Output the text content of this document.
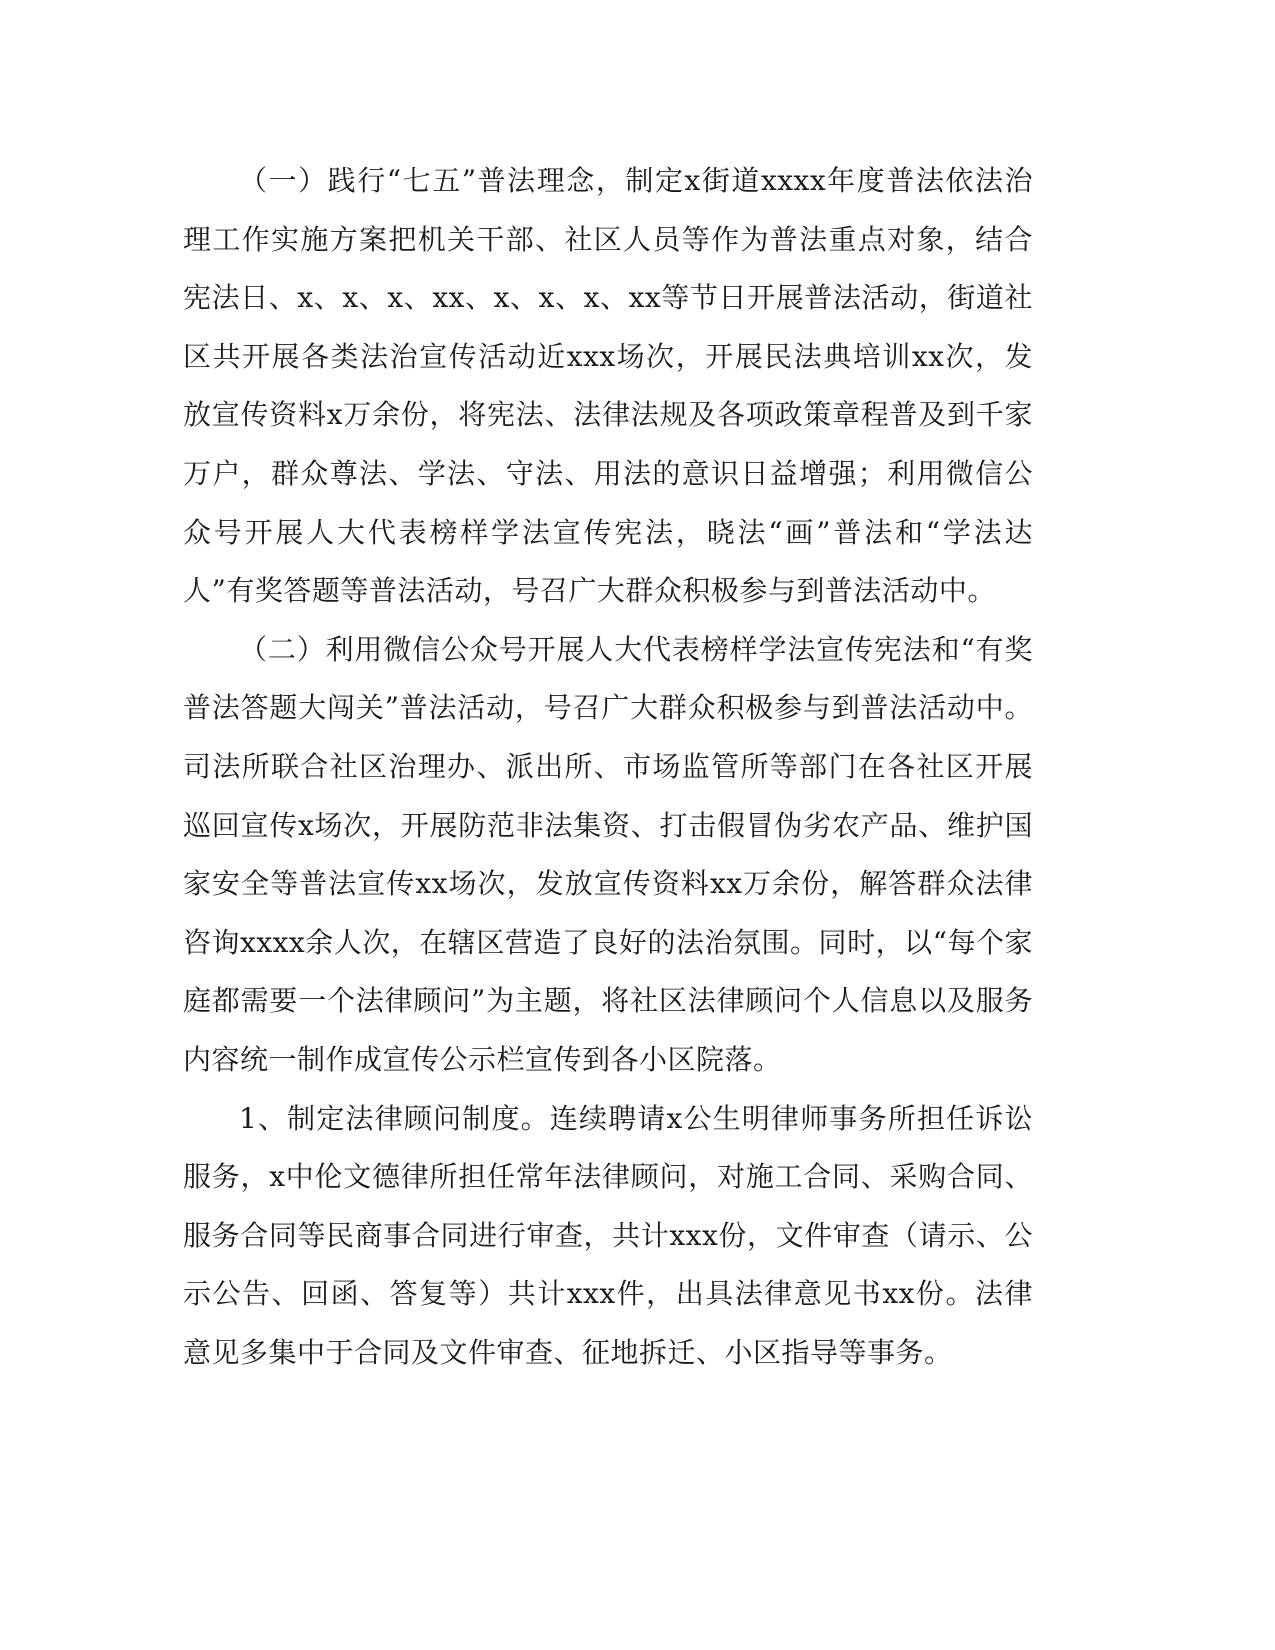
（一）践行“七五”普法理念，制定x街道xxxx年度普法依法治理工作实施方案把机关干部、社区人员等作为普法重点对象，结合宪法日、x、x、x、xx、x、x、x、xx等节日开展普法活动，街道社区共开展各类法治宣传活动近xxx场次，开展民法典培训xx次，发放宣传资料x万余份，将宪法、法律法规及各项政策章程普及到千家万户，群众尊法、学法、守法、用法的意识日益增强；利用微信公众号开展人大代表榜样学法宣传宪法，晓法“画”普法和“学法达人”有奖答题等普法活动，号召广大群众积极参与到普法活动中。

（二）利用微信公众号开展人大代表榜样学法宣传宪法和“有奖普法答题大闯关”普法活动，号召广大群众积极参与到普法活动中。司法所联合社区治理办、派出所、市场监管所等部门在各社区开展巡回宣传x场次，开展防范非法集资、打击假冒伪劣农产品、维护国家安全等普法宣传xx场次，发放宣传资料xx万余份，解答群众法律咨询xxxx余人次，在辖区营造了良好的法治氛围。同时，以“每个家庭都需要一个法律顾问”为主题，将社区法律顾问个人信息以及服务内容统一制作成宣传公示栏宣传到各小区院落。

1、制定法律顾问制度。连续聘请x公生明律师事务所担任诉讼服务，x中伦文德律所担任常年法律顾问，对施工合同、采购合同、服务合同等民商事合同进行审查，共计xxx份，文件审查（请示、公示公告、回函、答复等）共计xxx件，出具法律意见书xx份。法律意见多集中于合同及文件审查、征地拆迁、小区指导等事务。
